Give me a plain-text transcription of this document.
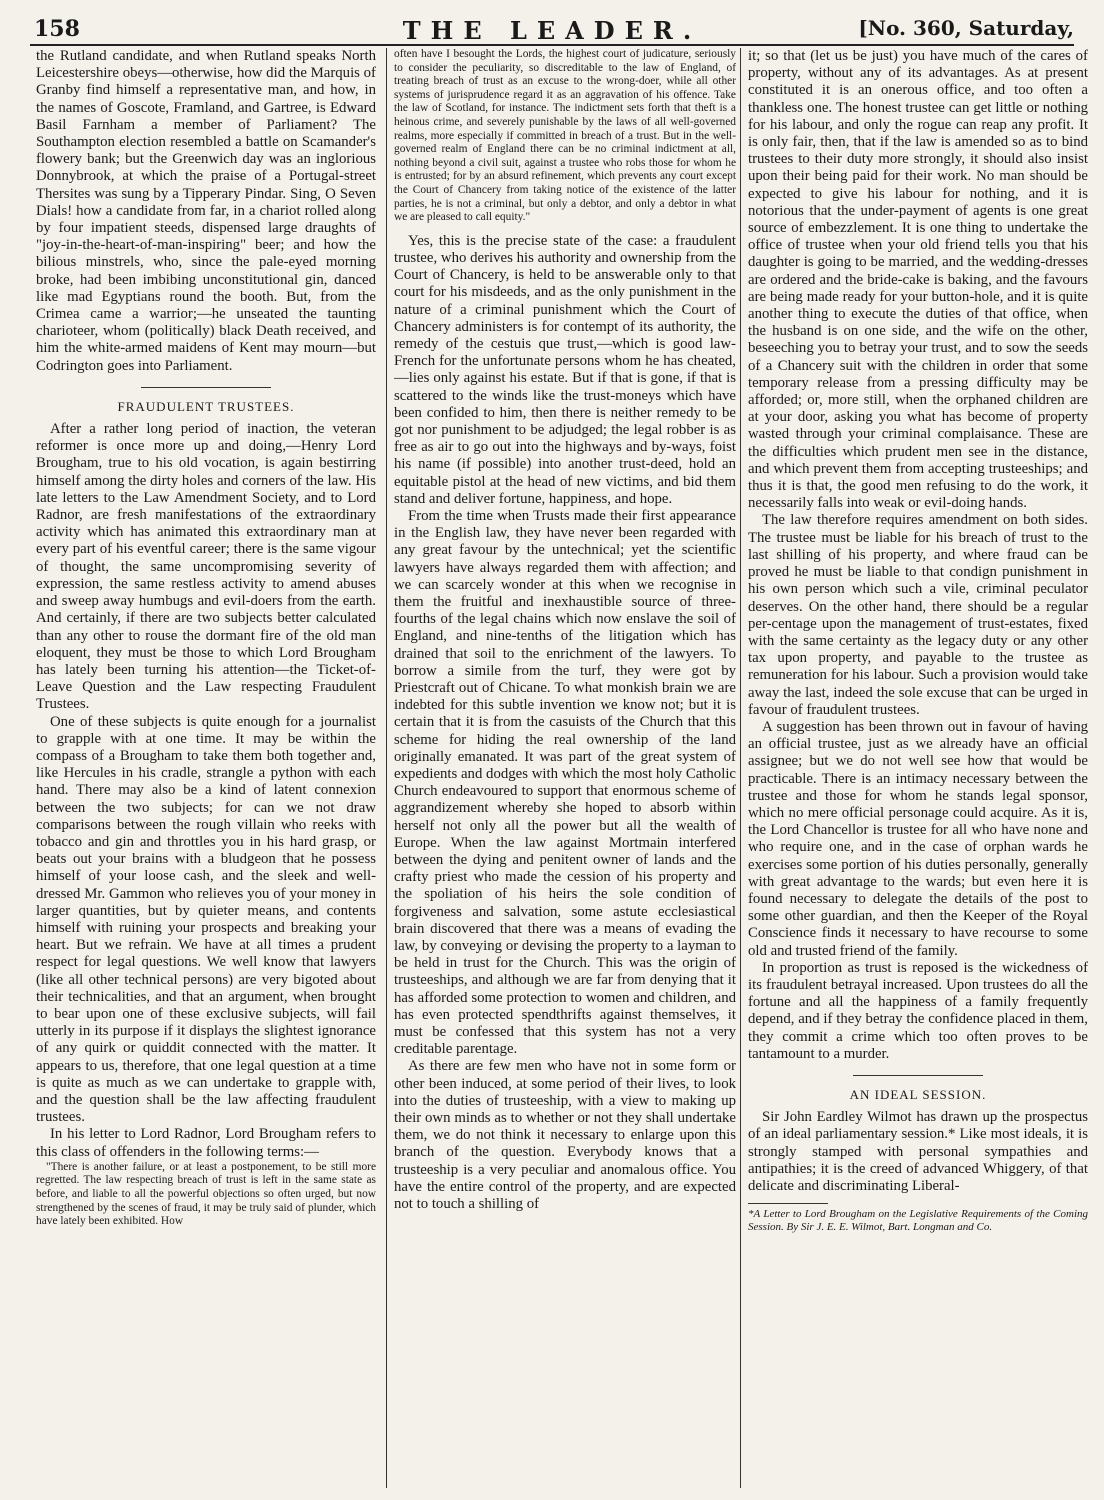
158	THE LEADER.	[No. 360, Saturday,

the Rutland candidate, and when Rutland speaks North Leicestershire obeys—otherwise, how did the Marquis of Granby find himself a representative man, and how, in the names of Goscote, Framland, and Gartree, is Edward Basil Farnham a member of Parliament? The Southampton election resembled a battle on Scamander's flowery bank; but the Greenwich day was an inglorious Donnybrook, at which the praise of a Portugal-street Thersites was sung by a Tipperary Pindar. Sing, O Seven Dials! how a candidate from far, in a chariot rolled along by four impatient steeds, dispensed large draughts of "joy-in-the-heart-of-man-inspiring" beer; and how the bilious minstrels, who, since the pale-eyed morning broke, had been imbibing unconstitutional gin, danced like mad Egyptians round the booth. But, from the Crimea came a warrior;—he unseated the taunting charioteer, whom (politically) black Death received, and him the white-armed maidens of Kent may mourn—but Codrington goes into Parliament.

FRAUDULENT TRUSTEES.

After a rather long period of inaction, the veteran reformer is once more up and doing,—Henry Lord Brougham, true to his old vocation, is again bestirring himself among the dirty holes and corners of the law. His late letters to the Law Amendment Society, and to Lord Radnor, are fresh manifestations of the extraordinary activity which has animated this extraordinary man at every part of his eventful career; there is the same vigour of thought, the same uncompromising severity of expression, the same restless activity to amend abuses and sweep away humbugs and evil-doers from the earth. And certainly, if there are two subjects better calculated than any other to rouse the dormant fire of the old man eloquent, they must be those to which Lord Brougham has lately been turning his attention—the Ticket-of-Leave Question and the Law respecting Fraudulent Trustees.

One of these subjects is quite enough for a journalist to grapple with at one time. It may be within the compass of a Brougham to take them both together and, like Hercules in his cradle, strangle a python with each hand. There may also be a kind of latent connexion between the two subjects; for can we not draw comparisons between the rough villain who reeks with tobacco and gin and throttles you in his hard grasp, or beats out your brains with a bludgeon that he possess himself of your loose cash, and the sleek and well-dressed Mr. Gammon who relieves you of your money in larger quantities, but by quieter means, and contents himself with ruining your prospects and breaking your heart. But we refrain. We have at all times a prudent respect for legal questions. We well know that lawyers (like all other technical persons) are very bigoted about their technicalities, and that an argument, when brought to bear upon one of these exclusive subjects, will fail utterly in its purpose if it displays the slightest ignorance of any quirk or quiddit connected with the matter. It appears to us, therefore, that one legal question at a time is quite as much as we can undertake to grapple with, and the question shall be the law affecting fraudulent trustees.

In his letter to Lord Radnor, Lord Brougham refers to this class of offenders in the following terms:—

"There is another failure, or at least a postponement, to be still more regretted. The law respecting breach of trust is left in the same state as before, and liable to all the powerful objections so often urged, but now strengthened by the scenes of fraud, it may be truly said of plunder, which have lately been exhibited. How

often have I besought the Lords, the highest court of judicature, seriously to consider the peculiarity, so discreditable to the law of England, of treating breach of trust as an excuse to the wrong-doer, while all other systems of jurisprudence regard it as an aggravation of his offence. Take the law of Scotland, for instance. The indictment sets forth that theft is a heinous crime, and severely punishable by the laws of all well-governed realms, more especially if committed in breach of a trust. But in the well-governed realm of England there can be no criminal indictment at all, nothing beyond a civil suit, against a trustee who robs those for whom he is entrusted; for by an absurd refinement, which prevents any court except the Court of Chancery from taking notice of the existence of the latter parties, he is not a criminal, but only a debtor, and only a debtor in what we are pleased to call equity."

Yes, this is the precise state of the case: a fraudulent trustee, who derives his authority and ownership from the Court of Chancery, is held to be answerable only to that court for his misdeeds, and as the only punishment in the nature of a criminal punishment which the Court of Chancery administers is for contempt of its authority, the remedy of the cestuis que trust,—which is good law-French for the unfortunate persons whom he has cheated,—lies only against his estate. But if that is gone, if that is scattered to the winds like the trust-moneys which have been confided to him, then there is neither remedy to be got nor punishment to be adjudged; the legal robber is as free as air to go out into the highways and by-ways, foist his name (if possible) into another trust-deed, hold an equitable pistol at the head of new victims, and bid them stand and deliver fortune, happiness, and hope.

From the time when Trusts made their first appearance in the English law, they have never been regarded with any great favour by the untechnical; yet the scientific lawyers have always regarded them with affection; and we can scarcely wonder at this when we recognise in them the fruitful and inexhaustible source of three-fourths of the legal chains which now enslave the soil of England, and nine-tenths of the litigation which has drained that soil to the enrichment of the lawyers. To borrow a simile from the turf, they were got by Priestcraft out of Chicane. To what monkish brain we are indebted for this subtle invention we know not; but it is certain that it is from the casuists of the Church that this scheme for hiding the real ownership of the land originally emanated. It was part of the great system of expedients and dodges with which the most holy Catholic Church endeavoured to support that enormous scheme of aggrandizement whereby she hoped to absorb within herself not only all the power but all the wealth of Europe. When the law against Mortmain interfered between the dying and penitent owner of lands and the crafty priest who made the cession of his property and the spoliation of his heirs the sole condition of forgiveness and salvation, some astute ecclesiastical brain discovered that there was a means of evading the law, by conveying or devising the property to a layman to be held in trust for the Church. This was the origin of trusteeships, and although we are far from denying that it has afforded some protection to women and children, and has even protected spendthrifts against themselves, it must be confessed that this system has not a very creditable parentage.

As there are few men who have not in some form or other been induced, at some period of their lives, to look into the duties of trusteeship, with a view to making up their own minds as to whether or not they shall undertake them, we do not think it necessary to enlarge upon this branch of the question. Everybody knows that a trusteeship is a very peculiar and anomalous office. You have the entire control of the property, and are expected not to touch a shilling of

it; so that (let us be just) you have much of the cares of property, without any of its advantages. As at present constituted it is an onerous office, and too often a thankless one. The honest trustee can get little or nothing for his labour, and only the rogue can reap any profit. It is only fair, then, that if the law is amended so as to bind trustees to their duty more strongly, it should also insist upon their being paid for their work. No man should be expected to give his labour for nothing, and it is notorious that the under-payment of agents is one great source of embezzlement. It is one thing to undertake the office of trustee when your old friend tells you that his daughter is going to be married, and the wedding-dresses are ordered and the bride-cake is baking, and the favours are being made ready for your button-hole, and it is quite another thing to execute the duties of that office, when the husband is on one side, and the wife on the other, beseeching you to betray your trust, and to sow the seeds of a Chancery suit with the children in order that some temporary release from a pressing difficulty may be afforded; or, more still, when the orphaned children are at your door, asking you what has become of property wasted through your criminal complaisance. These are the difficulties which prudent men see in the distance, and which prevent them from accepting trusteeships; and thus it is that, the good men refusing to do the work, it necessarily falls into weak or evil-doing hands.

The law therefore requires amendment on both sides. The trustee must be liable for his breach of trust to the last shilling of his property, and where fraud can be proved he must be liable to that condign punishment in his own person which such a vile, criminal peculator deserves. On the other hand, there should be a regular per-centage upon the management of trust-estates, fixed with the same certainty as the legacy duty or any other tax upon property, and payable to the trustee as remuneration for his labour. Such a provision would take away the last, indeed the sole excuse that can be urged in favour of fraudulent trustees.

A suggestion has been thrown out in favour of having an official trustee, just as we already have an official assignee; but we do not well see how that would be practicable. There is an intimacy necessary between the trustee and those for whom he stands legal sponsor, which no mere official personage could acquire. As it is, the Lord Chancellor is trustee for all who have none and who require one, and in the case of orphan wards he exercises some portion of his duties personally, generally with great advantage to the wards; but even here it is found necessary to delegate the details of the post to some other guardian, and then the Keeper of the Royal Conscience finds it necessary to have recourse to some old and trusted friend of the family.

In proportion as trust is reposed is the wickedness of its fraudulent betrayal increased. Upon trustees do all the fortune and all the happiness of a family frequently depend, and if they betray the confidence placed in them, they commit a crime which too often proves to be tantamount to a murder.

AN IDEAL SESSION.

Sir John Eardley Wilmot has drawn up the prospectus of an ideal parliamentary session.* Like most ideals, it is strongly stamped with personal sympathies and antipathies; it is the creed of advanced Whiggery, of that delicate and discriminating Liberal-

*A Letter to Lord Brougham on the Legislative Requirements of the Coming Session. By Sir J. E. E. Wilmot, Bart. Longman and Co.
